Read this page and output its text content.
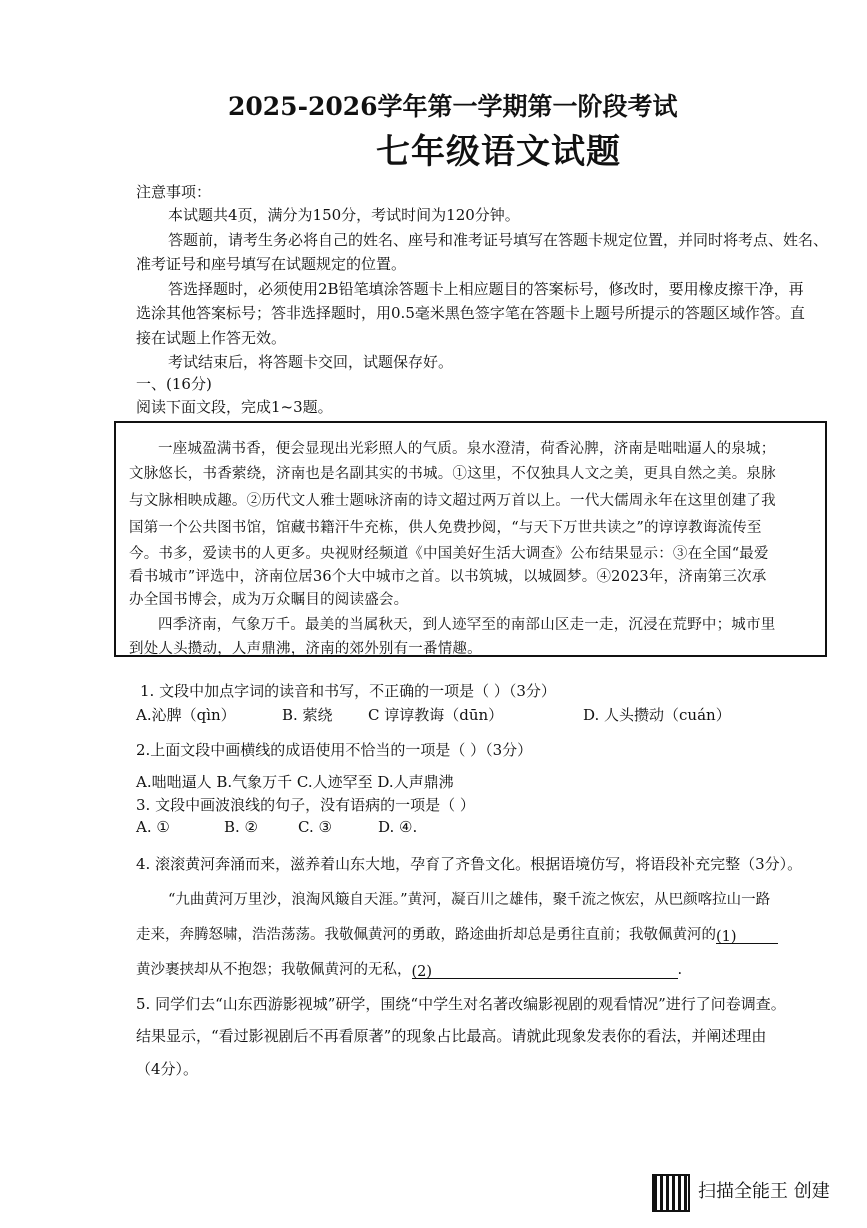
2025-2026学年第一学期第一阶段考试
七年级语文试题
注意事项：
本试题共4页，满分为150分，考试时间为120分钟。
答题前，请考生务必将自己的姓名、座号和准考证号填写在答题卡规定位置，并同时将考点、姓名、
准考证号和座号填写在试题规定的位置。
答选择题时，必须使用2B铅笔填涂答题卡上相应题目的答案标号，修改时，要用橡皮擦干净，再
选涂其他答案标号；答非选择题时，用0.5毫米黑色签字笔在答题卡上题号所提示的答题区域作答。直
接在试题上作答无效。
考试结束后，将答题卡交回，试题保存好。
一、(16分)
阅读下面文段，完成1~3题。
一座城盈满书香，便会显现出光彩照人的气质。泉水澄清，荷香沁脾，济南是咄咄逼人的泉城；
文脉悠长，书香萦绕，济南也是名副其实的书城。①这里，不仅独具人文之美，更具自然之美。泉脉
与文脉相映成趣。②历代文人雅士题咏济南的诗文超过两万首以上。一代大儒周永年在这里创建了我
国第一个公共图书馆，馆藏书籍汗牛充栋，供人免费抄阅，“与天下万世共读之”的谆谆教诲流传至
今。书多，爱读书的人更多。央视财经频道《中国美好生活大调查》公布结果显示：③在全国“最爱
看书城市”评选中，济南位居36个大中城市之首。以书筑城，以城圆梦。④2023年，济南第三次承
办全国书博会，成为万众瞩目的阅读盛会。
四季济南，气象万千。最美的当属秋天，到人迹罕至的南部山区走一走，沉浸在荒野中；城市里
到处人头攒动，人声鼎沸，济南的郊外别有一番情趣。
1. 文段中加点字词的读音和书写，不正确的一项是（ ）（3分）
A.沁脾（qìn）	B. 萦绕 C 谆谆教诲（dūn）	D. 人头攒动（cuán）
2.上面文段中画横线的成语使用不恰当的一项是（ ）（3分）
A.咄咄逼人 B.气象万千 C.人迹罕至 D.人声鼎沸
3. 文段中画波浪线的句子，没有语病的一项是（ ）
A. ①	B. ②	C. ③	D. ④.
4. 滚滚黄河奔涌而来，滋养着山东大地，孕育了齐鲁文化。根据语境仿写，将语段补充完整（3分）。
“九曲黄河万里沙，浪淘风簸自天涯。”黄河，凝百川之雄伟，聚千流之恢宏，从巴颜喀拉山一路
走来，奔腾怒啸，浩浩荡荡。我敬佩黄河的勇敢，路途曲折却总是勇往直前；我敬佩黄河的(1)
黄沙裹挟却从不抱怨；我敬佩黄河的无私，(2)	.
5. 同学们去“山东西游影视城”研学，围绕“中学生对名著改编影视剧的观看情况”进行了问卷调查。
结果显示，“看过影视剧后不再看原著”的现象占比最高。请就此现象发表你的看法，并阐述理由
（4分）。
扫描全能王 创建
